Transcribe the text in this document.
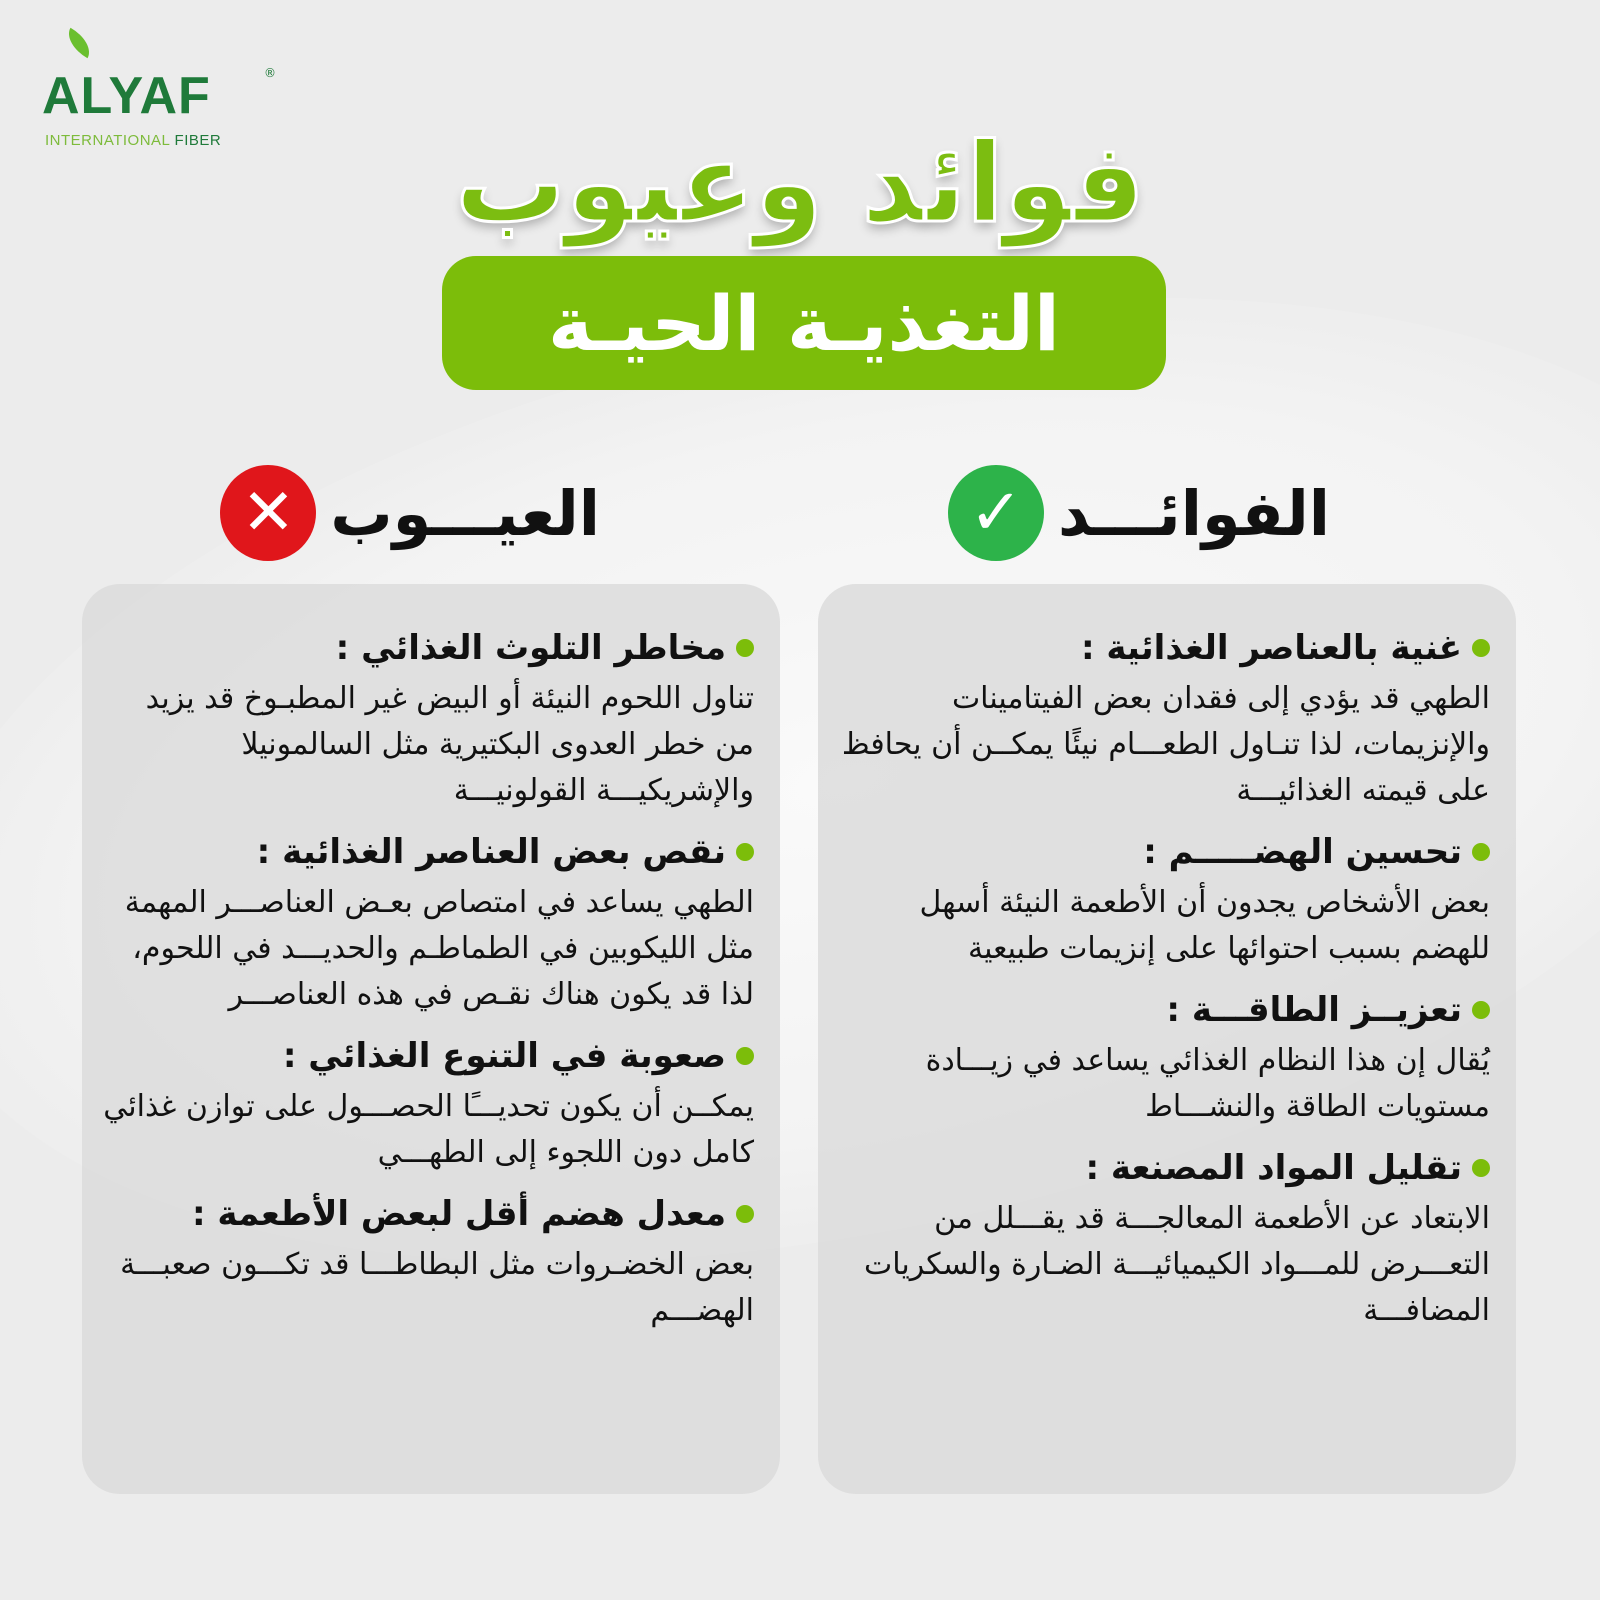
ALYAF	®
INTERNATIONAL FIBER	فوائد وعيوب
التغذيـة الحيـة
الفوائـــد
✓
العيـــوب
✕
غنية بالعناصر الغذائية :

الطهي قد يؤدي إلى فقدان بعض الفيتامينات والإنزيمات، لذا تنـاول الطعـــام نيئًا يمكــن أن يحافظ على قيمته الغذائيـــة

تحسين الهضـــــم :

بعض الأشخاص يجدون أن الأطعمة النيئة أسهل للهضم بسبب احتوائها على إنزيمات طبيعية

تعزيــز الطاقـــة :

يُقال إن هذا النظام الغذائي يساعد في زيـــادة مستويات الطاقة والنشـــاط

تقليل المواد المصنعة :

الابتعاد عن الأطعمة المعالجـــة قد يقـــلل من التعـــرض للمـــواد الكيميائيـــة الضـارة والسكريات المضافـــة

مخاطر التلوث الغذائي :

تناول اللحوم النيئة أو البيض غير المطبـوخ قد يزيد من خطر العدوى البكتيرية مثل السالمونيلا والإشريكيـــة القولونيـــة

نقص بعض العناصر الغذائية :

الطهي يساعد في امتصاص بعـض العناصـــر المهمة مثل الليكوبين في الطماطـم والحديـــد في اللحوم، لذا قد يكون هناك نقـص في هذه العناصـــر

صعوبة في التنوع الغذائي :

يمكــن أن يكون تحديـــًا الحصـــول على توازن غذائي كامل دون اللجوء إلى الطهـــي

معدل هضم أقل لبعض الأطعمة :

بعض الخضـروات مثل البطاطـــا قد تكـــون صعبـــة الهضـــم
